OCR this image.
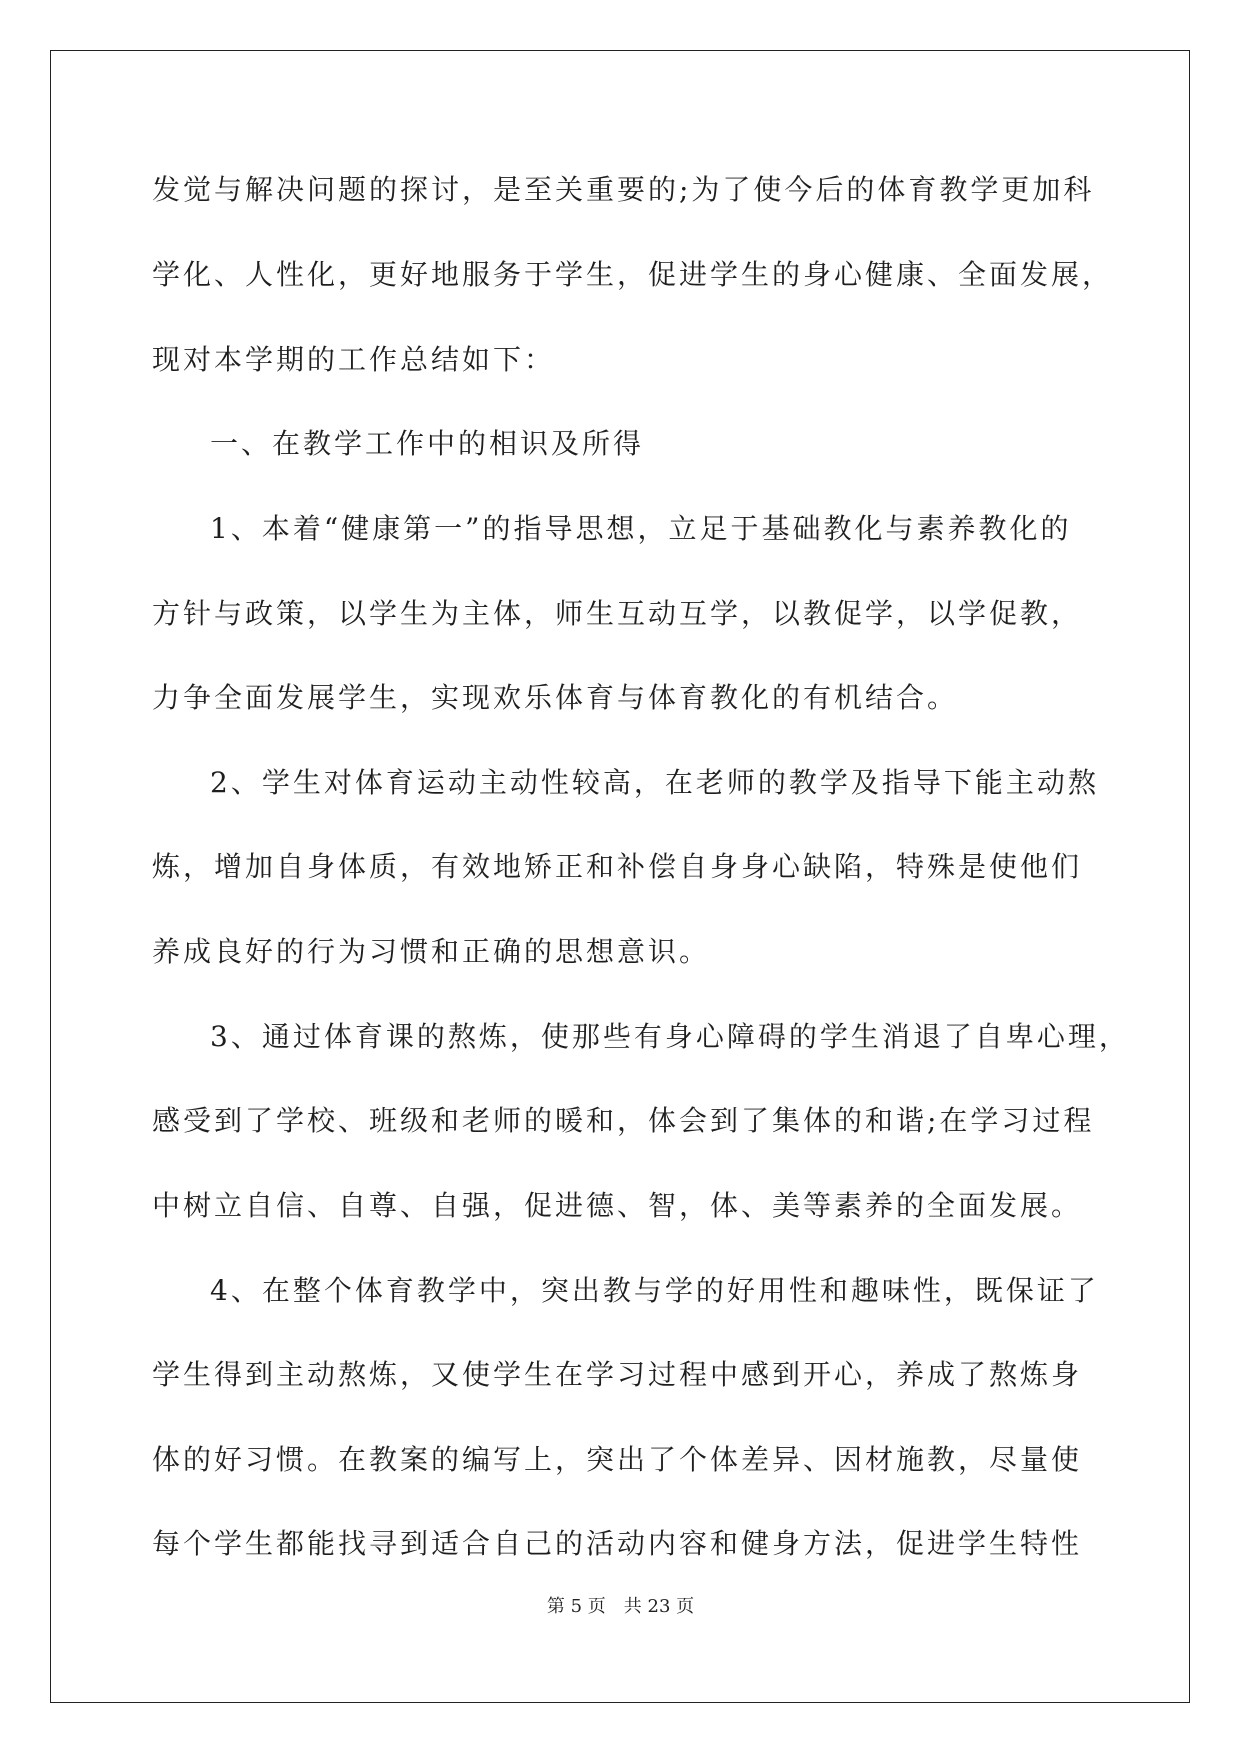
发觉与解决问题的探讨，是至关重要的;为了使今后的体育教学更加科

学化、人性化，更好地服务于学生，促进学生的身心健康、全面发展，

现对本学期的工作总结如下：

一、在教学工作中的相识及所得

1、本着“健康第一”的指导思想，立足于基础教化与素养教化的

方针与政策，以学生为主体，师生互动互学，以教促学，以学促教，

力争全面发展学生，实现欢乐体育与体育教化的有机结合。

2、学生对体育运动主动性较高，在老师的教学及指导下能主动熬

炼，增加自身体质，有效地矫正和补偿自身身心缺陷，特殊是使他们

养成良好的行为习惯和正确的思想意识。

3、通过体育课的熬炼，使那些有身心障碍的学生消退了自卑心理，

感受到了学校、班级和老师的暖和，体会到了集体的和谐;在学习过程

中树立自信、自尊、自强，促进德、智，体、美等素养的全面发展。

4、在整个体育教学中，突出教与学的好用性和趣味性，既保证了

学生得到主动熬炼，又使学生在学习过程中感到开心，养成了熬炼身

体的好习惯。在教案的编写上，突出了个体差异、因材施教，尽量使

每个学生都能找寻到适合自己的活动内容和健身方法，促进学生特性

第 5 页 共 23 页
